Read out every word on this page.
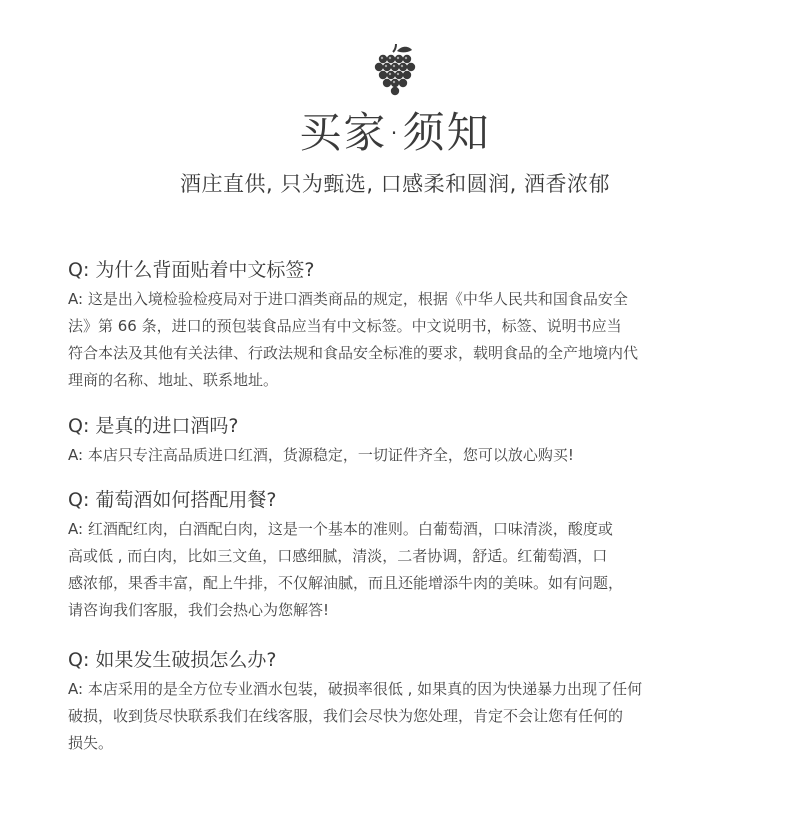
买家·须知
酒庄直供, 只为甄选, 口感柔和圆润, 酒香浓郁
Q: 为什么背面贴着中文标签?
A: 这是出入境检验检疫局对于进口酒类商品的规定，根据《中华人民共和国食品安全
法》第 66 条，进口的预包装食品应当有中文标签。中文说明书，标签、说明书应当
符合本法及其他有关法律、行政法规和食品安全标准的要求，载明食品的全产地境内代
理商的名称、地址、联系地址。
Q: 是真的进口酒吗?
A: 本店只专注高品质进口红酒，货源稳定，一切证件齐全，您可以放心购买!
Q: 葡萄酒如何搭配用餐?
A: 红酒配红肉，白酒配白肉，这是一个基本的准则。白葡萄酒，口味清淡，酸度或
高或低 , 而白肉，比如三文鱼，口感细腻，清淡，二者协调，舒适。红葡萄酒，口
感浓郁，果香丰富，配上牛排，不仅解油腻，而且还能增添牛肉的美味。如有问题，
请咨询我们客服，我们会热心为您解答!
Q: 如果发生破损怎么办?
A: 本店采用的是全方位专业酒水包装，破损率很低 , 如果真的因为快递暴力出现了任何
破损，收到货尽快联系我们在线客服，我们会尽快为您处理，肯定不会让您有任何的
损失。
